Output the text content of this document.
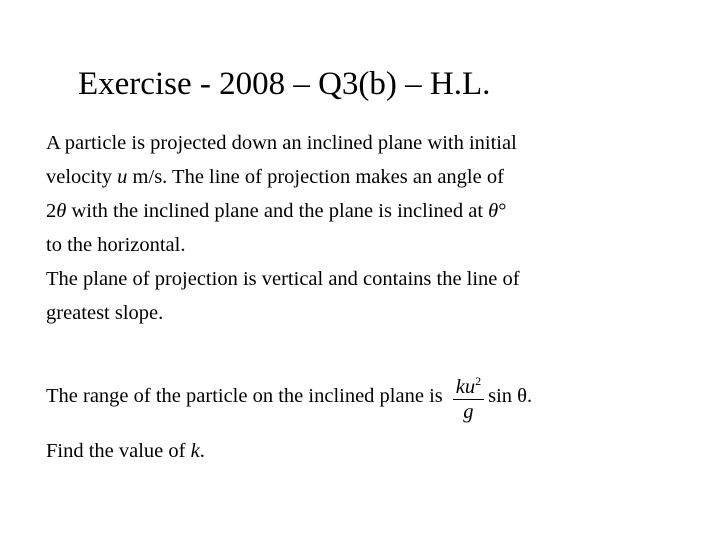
Exercise - 2008 – Q3(b) – H.L.
A particle is projected down an inclined plane with initial
velocity u m/s. The line of projection makes an angle of
2θ with the inclined plane and the plane is inclined at θ°
to the horizontal.
The plane of projection is vertical and contains the line of
greatest slope.
The range of the particle on the inclined plane is $\frac{ku^2}{g}$ sin θ.
Find the value of k.
